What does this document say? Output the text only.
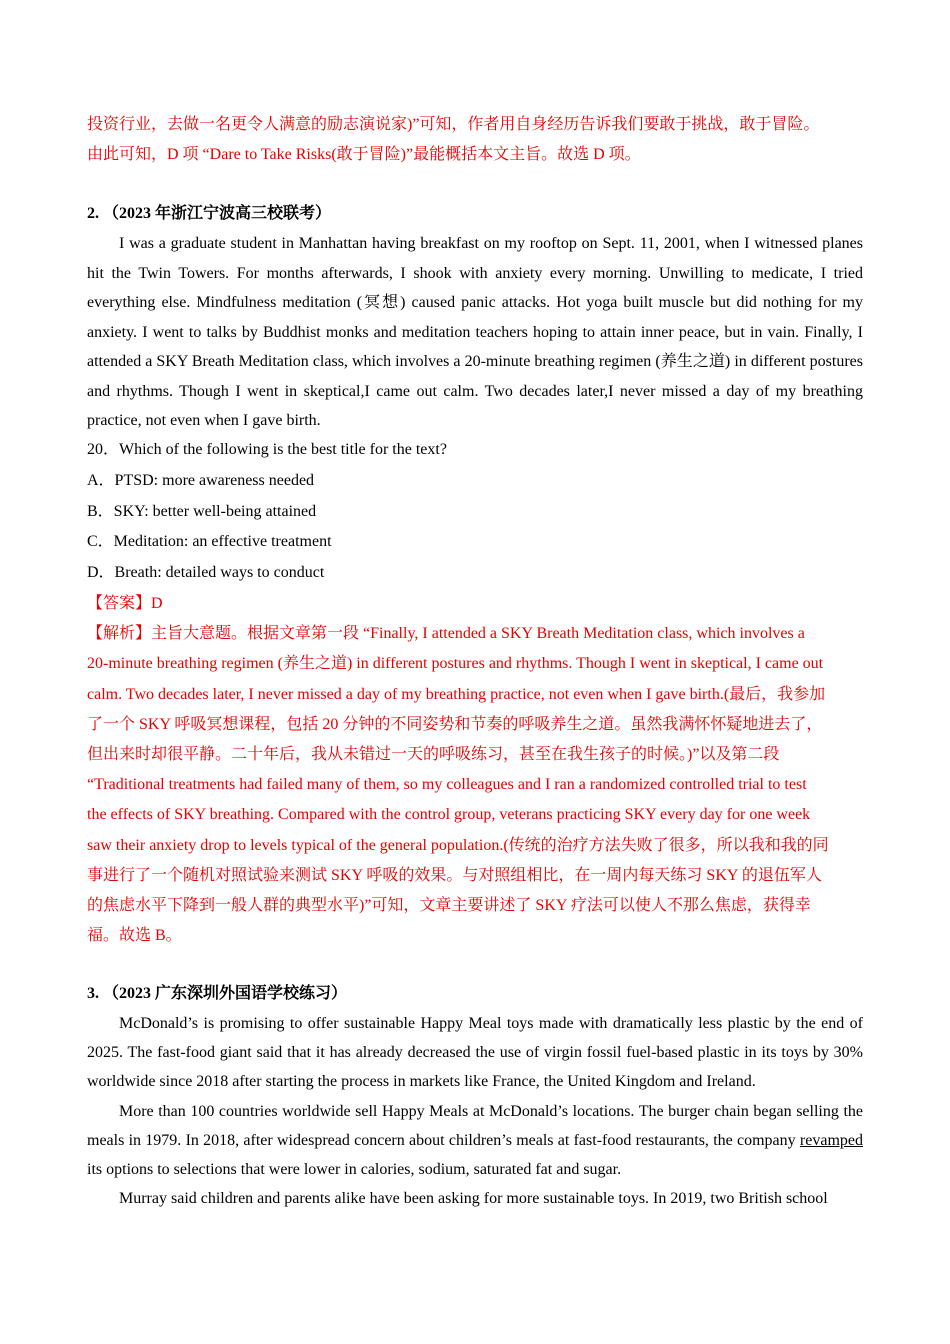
投资行业，去做一名更令人满意的励志演说家)”可知，作者用自身经历告诉我们要敢于挑战，敢于冒险。

由此可知，D 项 “Dare to Take Risks(敢于冒险)”最能概括本文主旨。故选 D 项。

2. （2023 年浙江宁波高三校联考）

I was a graduate student in Manhattan having breakfast on my rooftop on Sept. 11, 2001, when I witnessed planes hit the Twin Towers. For months afterwards, I shook with anxiety every morning. Unwilling to medicate, I tried everything else. Mindfulness meditation (冥想) caused panic attacks. Hot yoga built muscle but did nothing for my anxiety. I went to talks by Buddhist monks and meditation teachers hoping to attain inner peace, but in vain. Finally, I attended a SKY Breath Meditation class, which involves a 20-minute breathing regimen (养生之道) in different postures and rhythms. Though I went in skeptical,I came out calm. Two decades later,I never missed a day of my breathing practice, not even when I gave birth.

20．Which of the following is the best title for the text?

A．PTSD: more awareness needed

B．SKY: better well-being attained

C．Meditation: an effective treatment

D．Breath: detailed ways to conduct

【答案】D

【解析】主旨大意题。根据文章第一段 “Finally, I attended a SKY Breath Meditation class, which involves a

20-minute breathing regimen (养生之道) in different postures and rhythms. Though I went in skeptical, I came out

calm. Two decades later, I never missed a day of my breathing practice, not even when I gave birth.(最后，我参加

了一个 SKY 呼吸冥想课程，包括 20 分钟的不同姿势和节奏的呼吸养生之道。虽然我满怀怀疑地进去了，

但出来时却很平静。二十年后，我从未错过一天的呼吸练习，甚至在我生孩子的时候。)”以及第二段

“Traditional treatments had failed many of them, so my colleagues and I ran a randomized controlled trial to test

the effects of SKY breathing. Compared with the control group, veterans practicing SKY every day for one week

saw their anxiety drop to levels typical of the general population.(传统的治疗方法失败了很多，所以我和我的同

事进行了一个随机对照试验来测试 SKY 呼吸的效果。与对照组相比，在一周内每天练习 SKY 的退伍军人

的焦虑水平下降到一般人群的典型水平)”可知，文章主要讲述了 SKY 疗法可以使人不那么焦虑，获得幸

福。故选 B。

3. （2023 广东深圳外国语学校练习）

McDonald’s is promising to offer sustainable Happy Meal toys made with dramatically less plastic by the end of 2025. The fast-food giant said that it has already decreased the use of virgin fossil fuel-based plastic in its toys by 30% worldwide since 2018 after starting the process in markets like France, the United Kingdom and Ireland.

More than 100 countries worldwide sell Happy Meals at McDonald’s locations. The burger chain began selling the meals in 1979. In 2018, after widespread concern about children’s meals at fast-food restaurants, the company revamped its options to selections that were lower in calories, sodium, saturated fat and sugar.

Murray said children and parents alike have been asking for more sustainable toys. In 2019, two British school
